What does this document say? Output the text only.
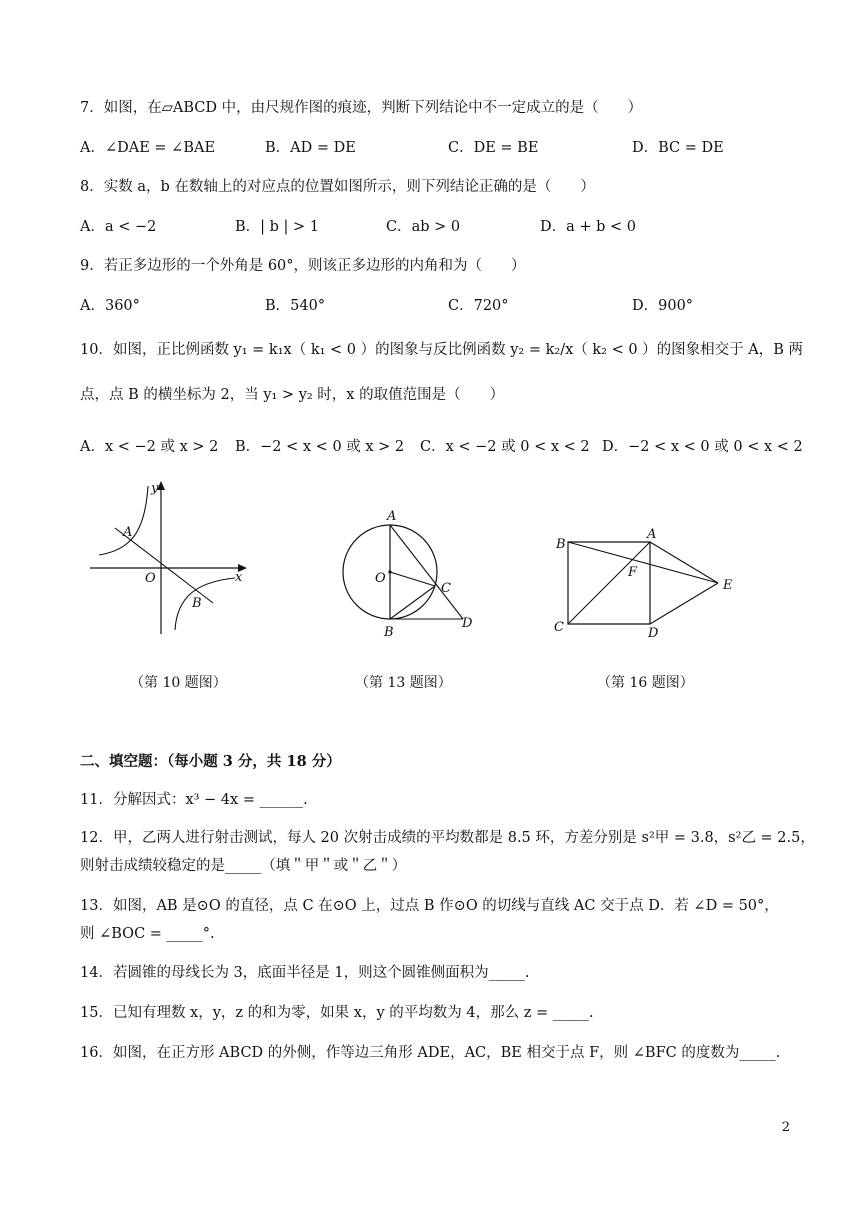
7．如图，在▱ABCD 中，由尺规作图的痕迹，判断下列结论中不一定成立的是（　　）
A．∠DAE = ∠BAE	B．AD = DE	C．DE = BE	D．BC = DE
8．实数 a，b 在数轴上的对应点的位置如图所示，则下列结论正确的是（　　）
A．a < −2	B．| b | > 1	C．ab > 0	D．a + b < 0
9．若正多边形的一个外角是 60°，则该正多边形的内角和为（　　）
A．360°	B．540°	C．720°	D．900°
10．如图，正比例函数 y₁ = k₁x（ k₁ < 0 ）的图象与反比例函数 y₂ = k₂/x（ k₂ < 0 ）的图象相交于 A，B 两
点，点 B 的横坐标为 2，当 y₁ > y₂ 时，x 的取值范围是（　　）
A．x < −2 或 x > 2 B．−2 < x < 0 或 x > 2 C．x < −2 或 0 < x < 2 D．−2 < x < 0 或 0 < x < 2
y
x
O
A
B
（第 10 题图）
A
O
C
B
D
（第 13 题图）
B
A
F
E
C	D
（第 16 题图）
二、填空题：（每小题 3 分，共 18 分）
11．分解因式：x³ − 4x = ______.
12．甲，乙两人进行射击测试，每人 20 次射击成绩的平均数都是 8.5 环，方差分别是 s²甲 = 3.8，s²乙 = 2.5，
则射击成绩较稳定的是_____（填＂甲＂或＂乙＂）
13．如图，AB 是⊙O 的直径，点 C 在⊙O 上，过点 B 作⊙O 的切线与直线 AC 交于点 D．若 ∠D = 50°，
则 ∠BOC = _____°.
14．若圆锥的母线长为 3，底面半径是 1，则这个圆锥侧面积为_____.
15．已知有理数 x，y，z 的和为零，如果 x，y 的平均数为 4，那么 z = _____.
16．如图，在正方形 ABCD 的外侧，作等边三角形 ADE，AC，BE 相交于点 F，则 ∠BFC 的度数为_____.
2
